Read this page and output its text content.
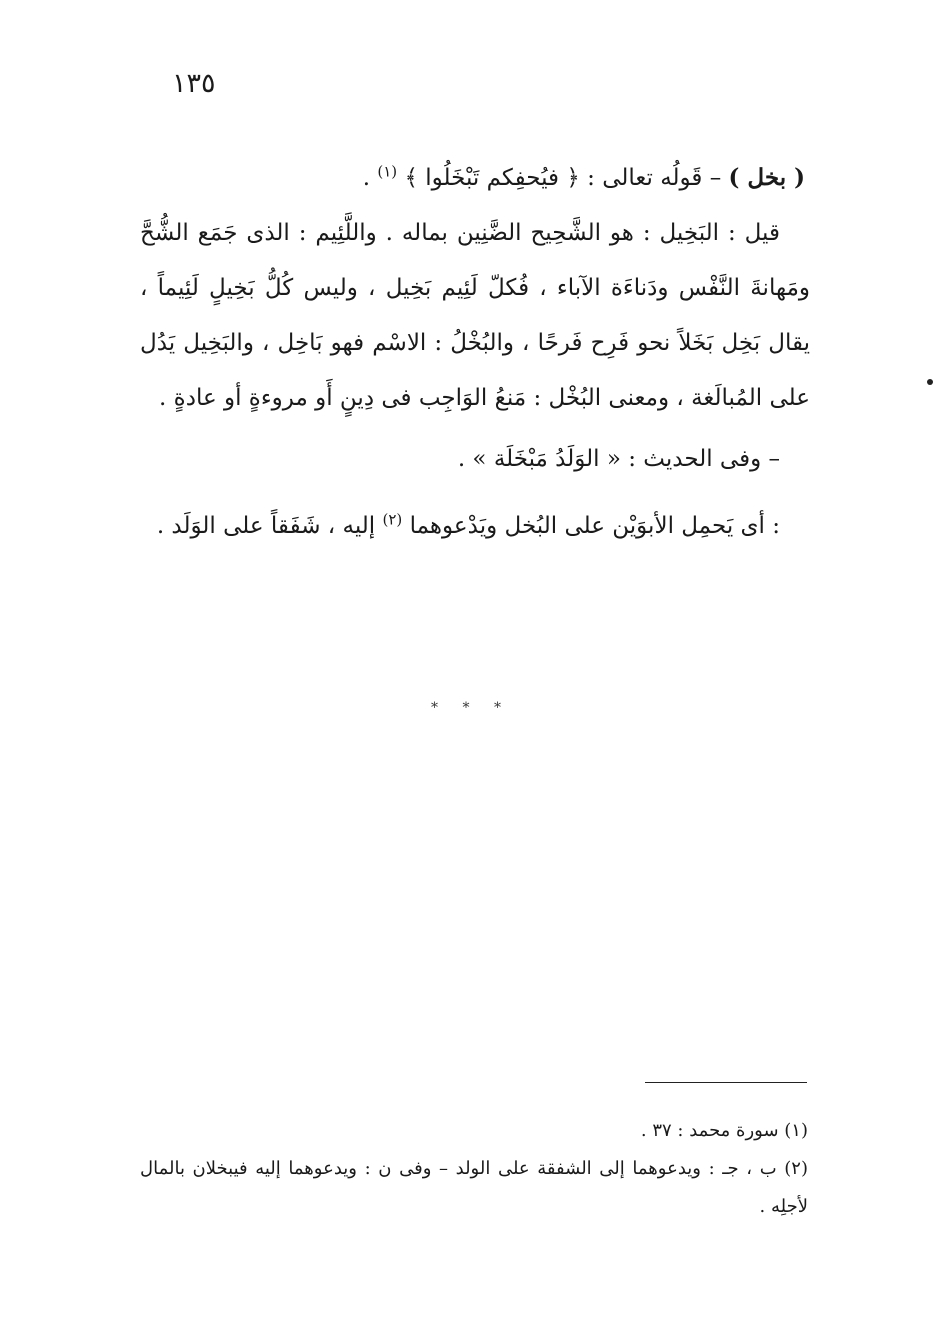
١٣٥

( بخل ) – قَولُه تعالى : ﴿ فيُحفِكم تَبْخَلُوا ﴾ $^{(١)}$ .

قيل : البَخِيل : هو الشَّحِيح الضَّنِين بماله . واللَّئِيم : الذى جَمَع الشُّحَّ ومَهانةَ النَّفْس ودَناءَة الآباء ، فُكلّ لَئِيم بَخِيل ، وليس كُلُّ بَخِيلٍ لَئِيماً ، يقال بَخِل بَخَلاً نحو فَرِح فَرحًا ، والبُخْلُ : الاسْم فهو بَاخِل ، والبَخِيل يَدُل على المُبالَغة ، ومعنى البُخْل : مَنعُ الوَاجِب فى دِينٍ أَو مروءةٍ أو عادةٍ .

– وفى الحديث : « الوَلَدُ مَبْخَلَة » .

: أى يَحمِل الأبوَيْن على البُخل ويَدْعوهما $^{(٢)}$ إليه ، شَفَقاً على الوَلَد .

* * *

(١) سورة محمد : ٣٧ .

(٢) ب ، جـ : ويدعوهما إلى الشفقة على الولد – وفى ن : ويدعوهما إليه فيبخلان بالمال لأجلِه .
